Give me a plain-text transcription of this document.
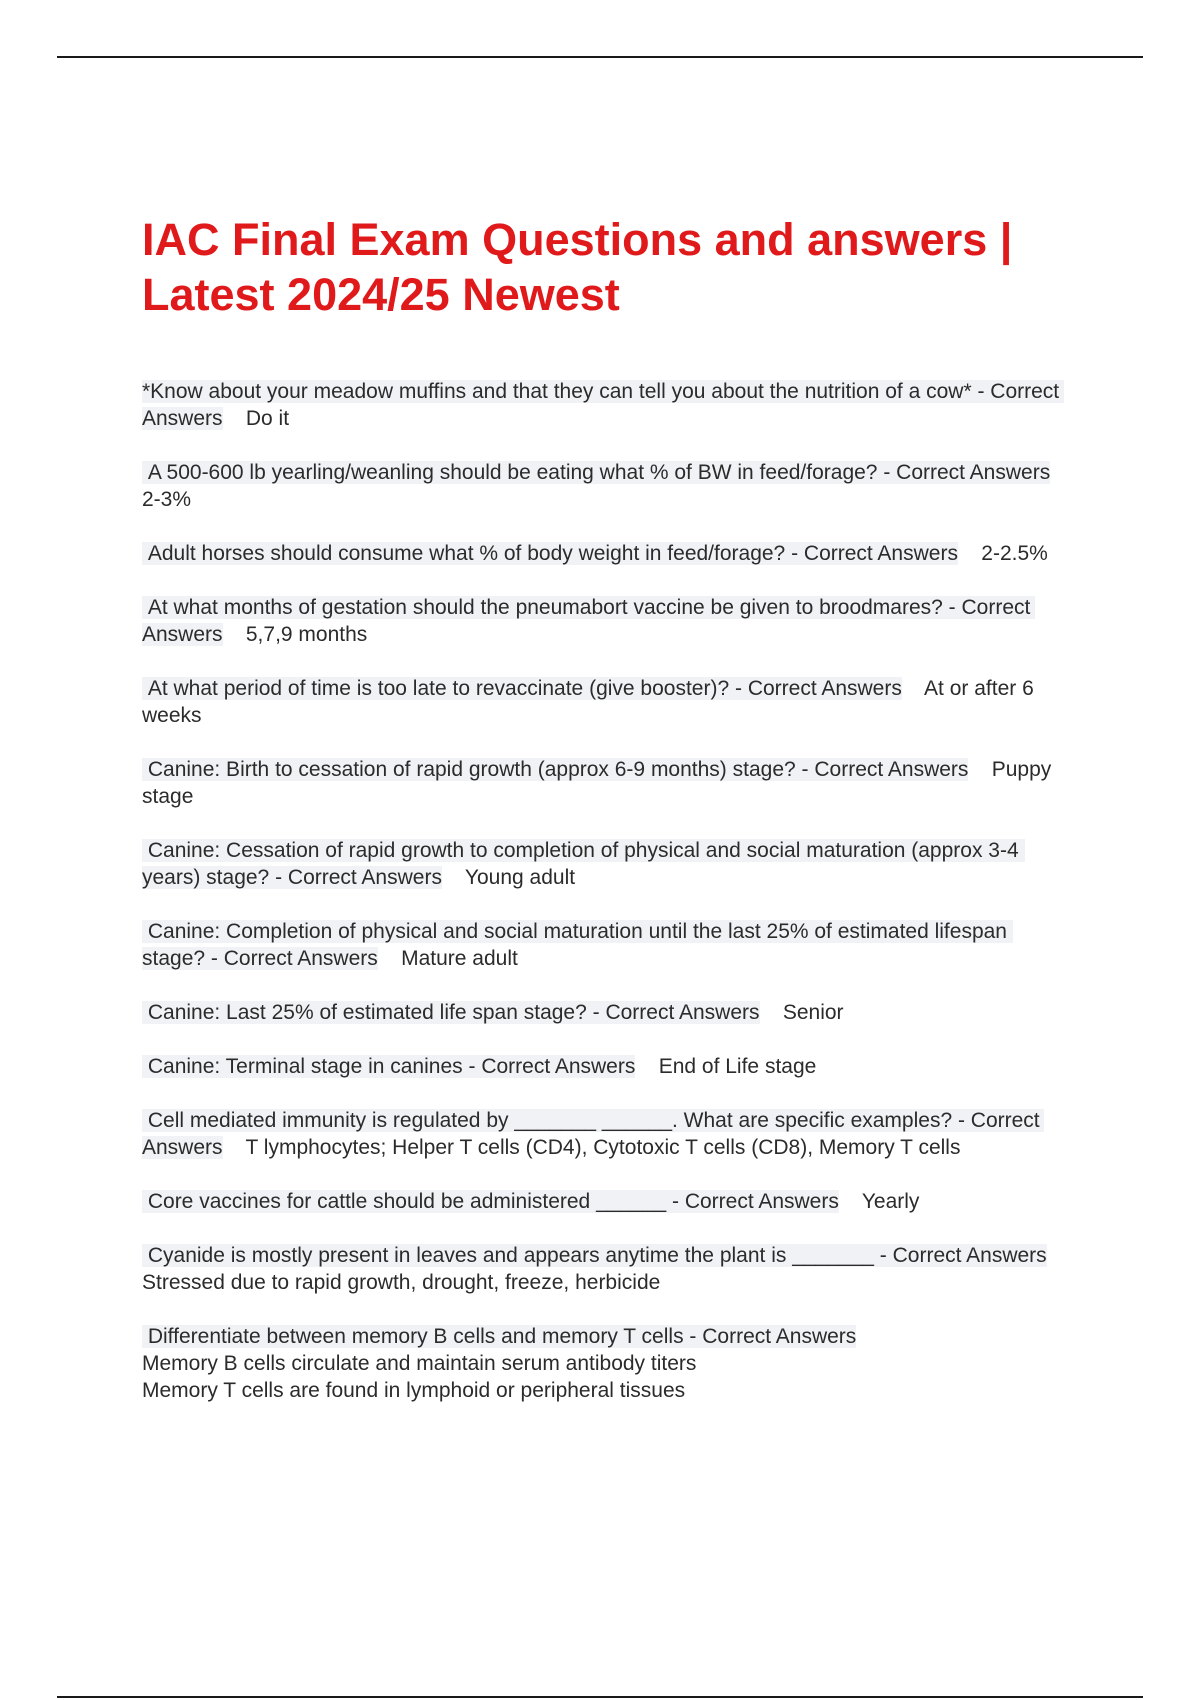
IAC Final Exam Questions and answers | Latest 2024/25 Newest

*Know about your meadow muffins and that they can tell you about the nutrition of a cow* - Correct Answers Do it

A 500-600 lb yearling/weanling should be eating what % of BW in feed/forage? - Correct Answers    2-3%

Adult horses should consume what % of body weight in feed/forage? - Correct Answers 2-2.5%

At what months of gestation should the pneumabort vaccine be given to broodmares? - Correct Answers 5,7,9 months

At what period of time is too late to revaccinate (give booster)? - Correct Answers At or after 6 weeks

Canine: Birth to cessation of rapid growth (approx 6-9 months) stage? - Correct Answers Puppy stage

Canine: Cessation of rapid growth to completion of physical and social maturation (approx 3-4 years) stage? - Correct Answers Young adult

Canine: Completion of physical and social maturation until the last 25% of estimated lifespan stage? - Correct Answers Mature adult

Canine: Last 25% of estimated life span stage? - Correct Answers Senior

Canine: Terminal stage in canines - Correct Answers End of Life stage

Cell mediated immunity is regulated by _______ ______. What are specific examples? - Correct Answers T lymphocytes; Helper T cells (CD4), Cytotoxic T cells (CD8), Memory T cells

Core vaccines for cattle should be administered ______ - Correct Answers Yearly

Cyanide is mostly present in leaves and appears anytime the plant is _______ - Correct Answers    Stressed due to rapid growth, drought, freeze, herbicide

Differentiate between memory B cells and memory T cells - Correct Answers
Memory B cells circulate and maintain serum antibody titers
Memory T cells are found in lymphoid or peripheral tissues
